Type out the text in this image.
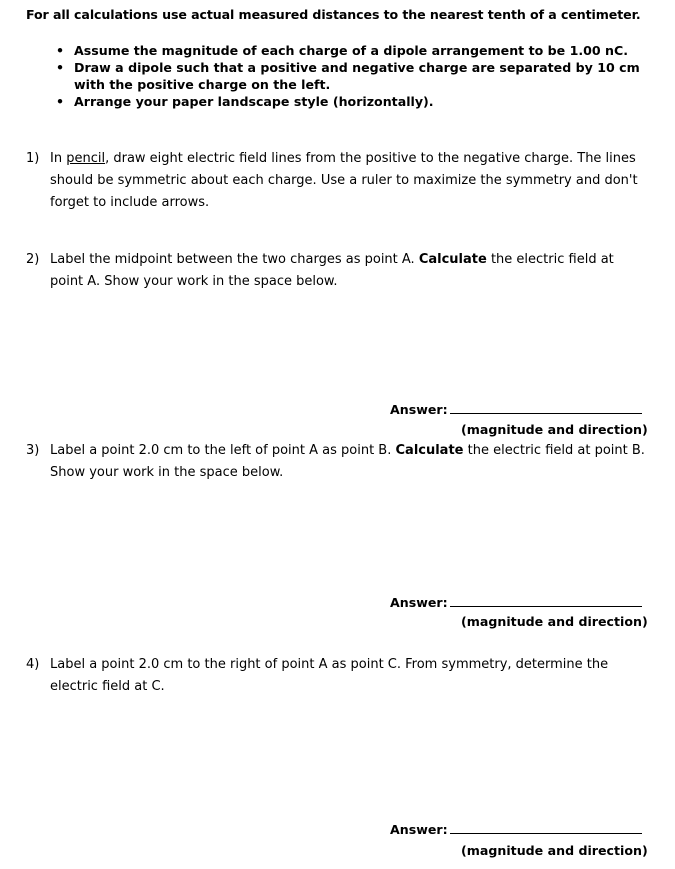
For all calculations use actual measured distances to the nearest tenth of a centimeter.
• Assume the magnitude of each charge of a dipole arrangement to be 1.00 nC.
• Draw a dipole such that a positive and negative charge are separated by 10 cm with the positive charge on the left.
• Arrange your paper landscape style (horizontally).
1) In pencil, draw eight electric field lines from the positive to the negative charge. The lines should be symmetric about each charge. Use a ruler to maximize the symmetry and don't forget to include arrows.
2) Label the midpoint between the two charges as point A. Calculate the electric field at point A. Show your work in the space below.
Answer:
(magnitude and direction)
3) Label a point 2.0 cm to the left of point A as point B. Calculate the electric field at point B. Show your work in the space below.
Answer:
(magnitude and direction)
4) Label a point 2.0 cm to the right of point A as point C. From symmetry, determine the electric field at C.
Answer:
(magnitude and direction)
